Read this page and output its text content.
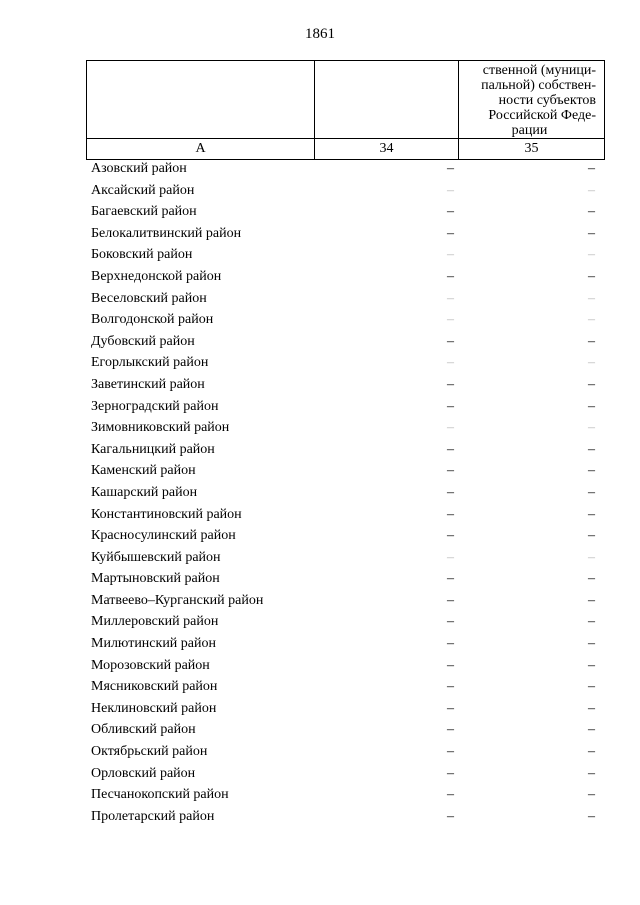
1861

		ственной (муници-
пальной) собствен-
ности субъектов
Российской Феде-
рации

А	34	35
Азовский район	–	–
Аксайский район	–	–
Багаевский район	–	–
Белокалитвинский район	–	–
Боковский район	–	–
Верхнедонской район	–	–
Веселовский район	–	–
Волгодонской район	–	–
Дубовский район	–	–
Егорлыкский район	–	–
Заветинский район	–	–
Зерноградский район	–	–
Зимовниковский район	–	–
Кагальницкий район	–	–
Каменский район	–	–
Кашарский район	–	–
Константиновский район	–	–
Красносулинский район	–	–
Куйбышевский район	–	–
Мартыновский район	–	–
Матвеево–Курганский район	–	–
Миллеровский район	–	–
Милютинский район	–	–
Морозовский район	–	–
Мясниковский район	–	–
Неклиновский район	–	–
Обливский район	–	–
Октябрьский район	–	–
Орловский район	–	–
Песчанокопский район	–	–
Пролетарский район	–	–
